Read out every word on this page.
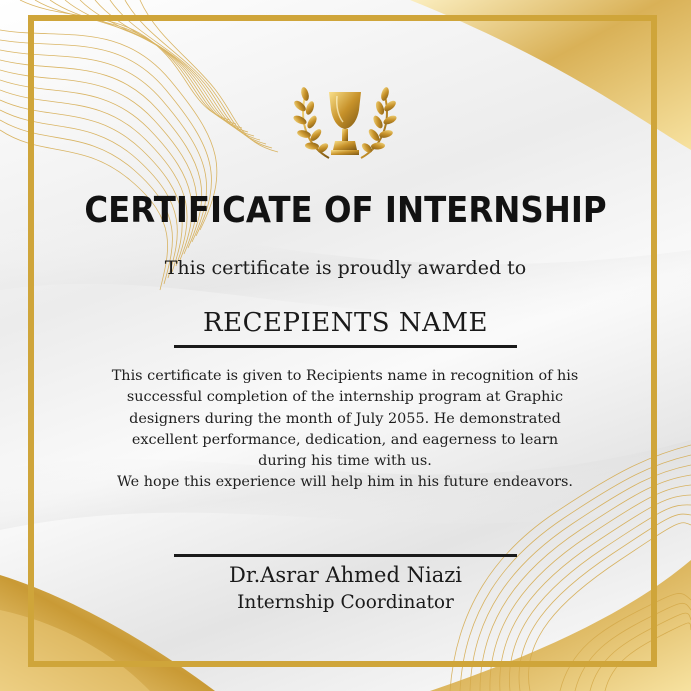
CERTIFICATE OF INTERNSHIP
This certificate is proudly awarded to
RECEPIENTS NAME
This certificate is given to Recipients name in recognition of his
successful completion of the internship program at Graphic
designers during the month of July 2055. He demonstrated
excellent performance, dedication, and eagerness to learn
during his time with us.
We hope this experience will help him in his future endeavors.
Dr.Asrar Ahmed Niazi
Internship Coordinator
